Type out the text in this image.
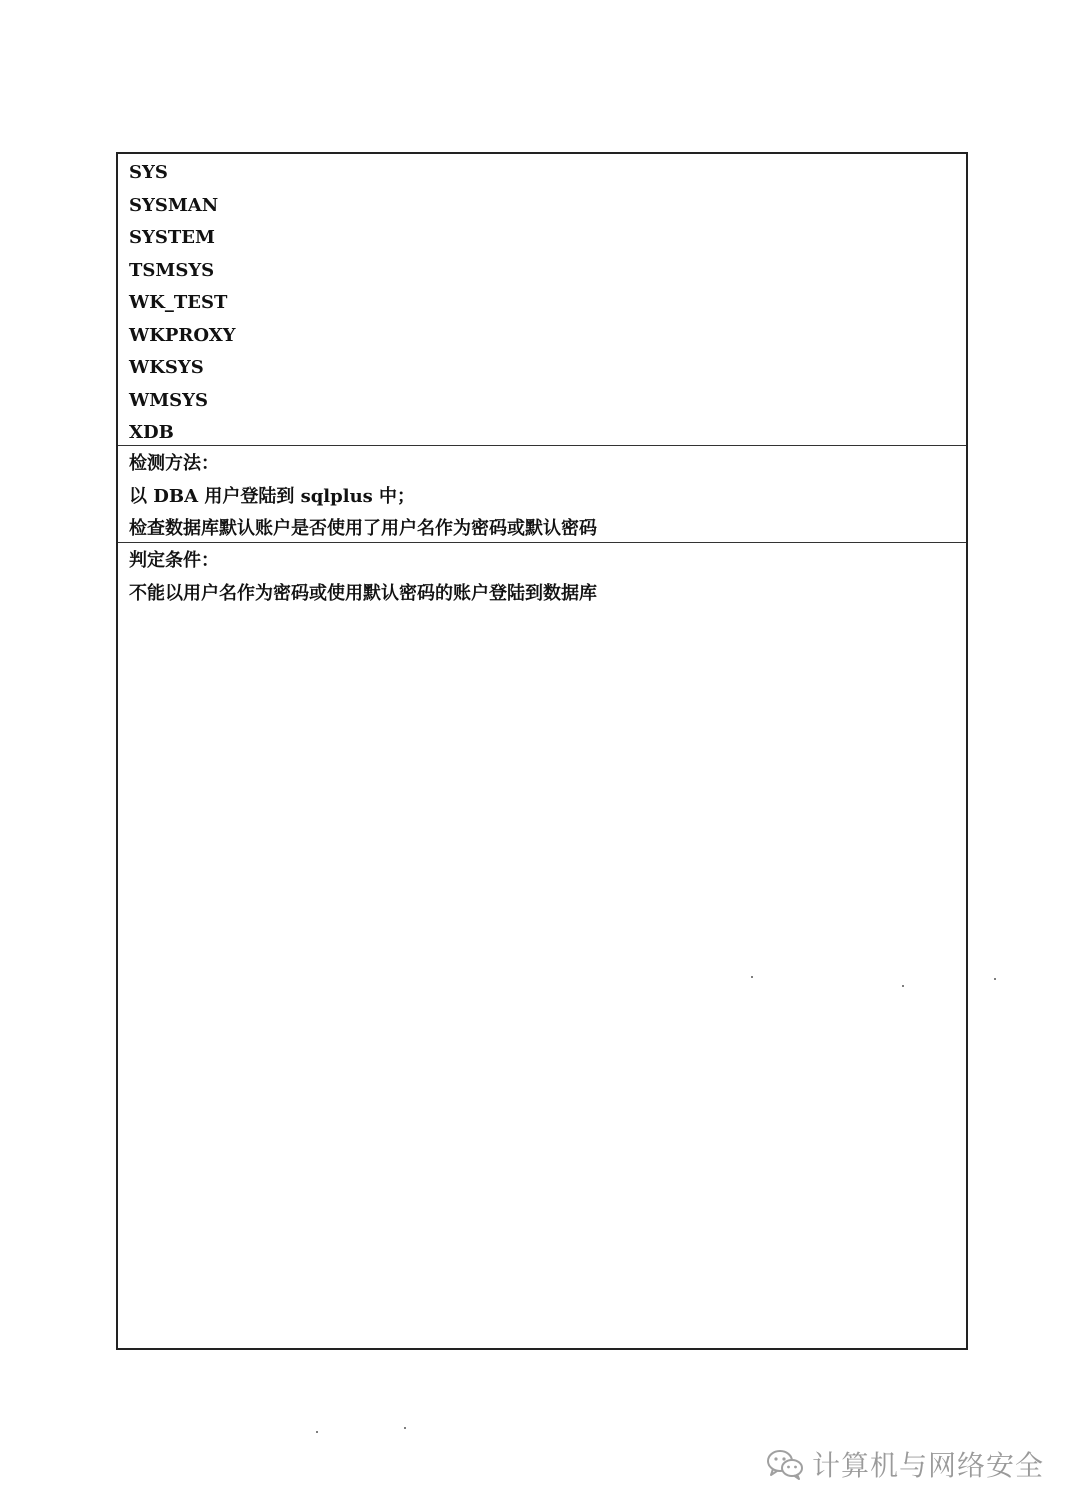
SYS
SYSMAN
SYSTEM
TSMSYS
WK_TEST
WKPROXY
WKSYS
WMSYS
XDB
检测方法：
以 DBA 用户登陆到 sqlplus 中；
检查数据库默认账户是否使用了用户名作为密码或默认密码
判定条件：
不能以用户名作为密码或使用默认密码的账户登陆到数据库
计算机与网络安全
